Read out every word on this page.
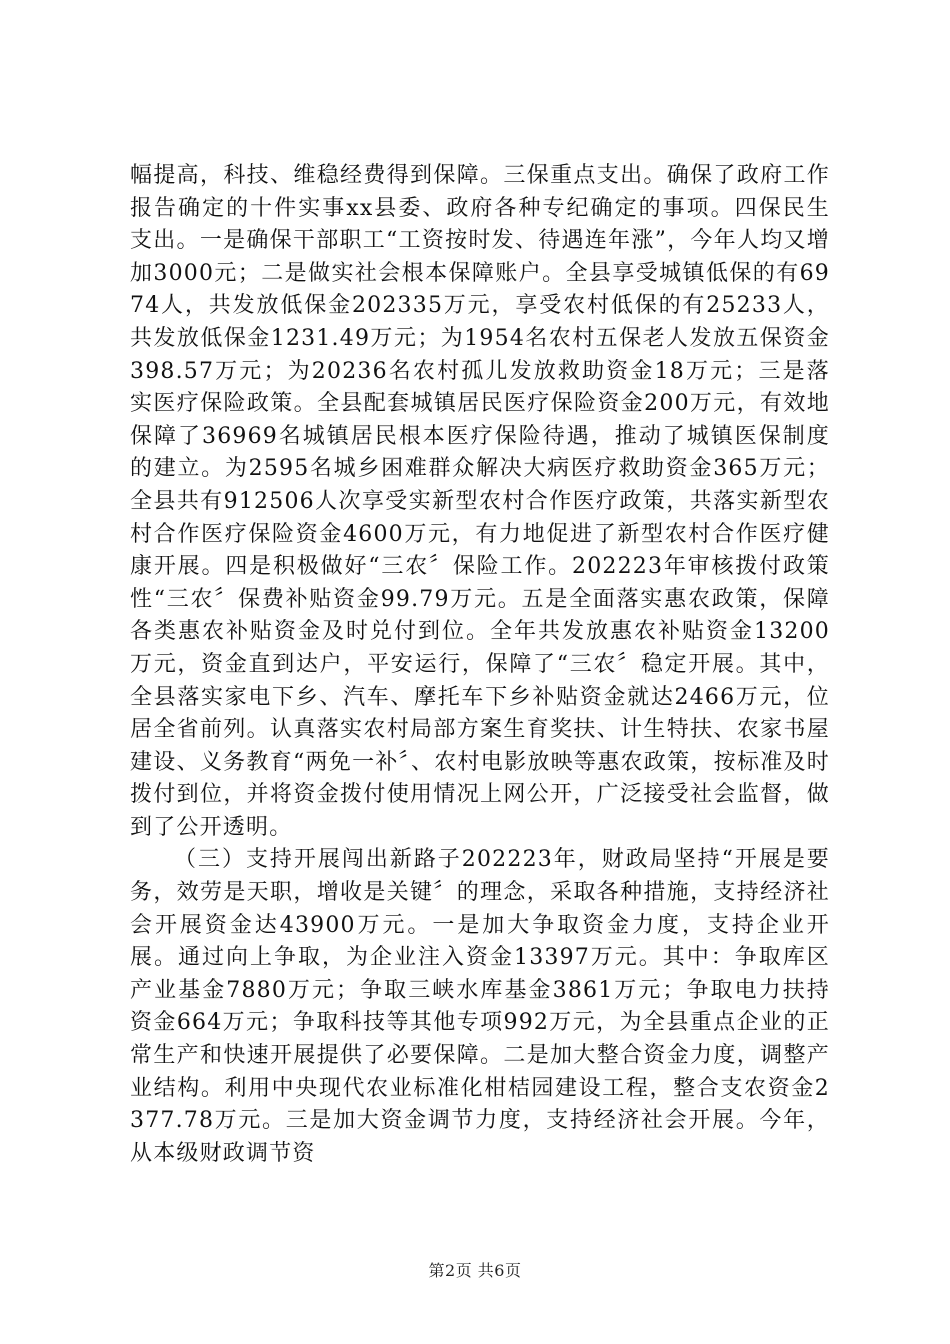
幅提高，科技、维稳经费得到保障。三保重点支出。确保了政府工作报告确定的十件实事xx县委、政府各种专纪确定的事项。四保民生支出。一是确保干部职工“工资按时发、待遇连年涨”，今年人均又增加3000元；二是做实社会根本保障账户。全县享受城镇低保的有6974人，共发放低保金202335万元，享受农村低保的有25233人，共发放低保金1231.49万元；为1954名农村五保老人发放五保资金398.57万元；为20236名农村孤儿发放救助资金18万元；三是落实医疗保险政策。全县配套城镇居民医疗保险资金200万元，有效地保障了36969名城镇居民根本医疗保险待遇，推动了城镇医保制度的建立。为2595名城乡困难群众解决大病医疗救助资金365万元；全县共有912506人次享受实新型农村合作医疗政策，共落实新型农村合作医疗保险资金4600万元，有力地促进了新型农村合作医疗健康开展。四是积极做好“三农〞保险工作。202223年审核拨付政策性“三农〞保费补贴资金99.79万元。五是全面落实惠农政策，保障各类惠农补贴资金及时兑付到位。全年共发放惠农补贴资金13200万元，资金直到达户，平安运行，保障了“三农〞稳定开展。其中，全县落实家电下乡、汽车、摩托车下乡补贴资金就达2466万元，位居全省前列。认真落实农村局部方案生育奖扶、计生特扶、农家书屋建设、义务教育“两免一补〞、农村电影放映等惠农政策，按标准及时拨付到位，并将资金拨付使用情况上网公开，广泛接受社会监督，做到了公开透明。

（三）支持开展闯出新路子202223年，财政局坚持“开展是要务，效劳是天职，增收是关键〞的理念，采取各种措施，支持经济社会开展资金达43900万元。一是加大争取资金力度，支持企业开展。通过向上争取，为企业注入资金13397万元。其中：争取库区产业基金7880万元；争取三峡水库基金3861万元；争取电力扶持资金664万元；争取科技等其他专项992万元，为全县重点企业的正常生产和快速开展提供了必要保障。二是加大整合资金力度，调整产业结构。利用中央现代农业标准化柑桔园建设工程，整合支农资金2377.78万元。三是加大资金调节力度，支持经济社会开展。今年，从本级财政调节资

第2页 共6页
